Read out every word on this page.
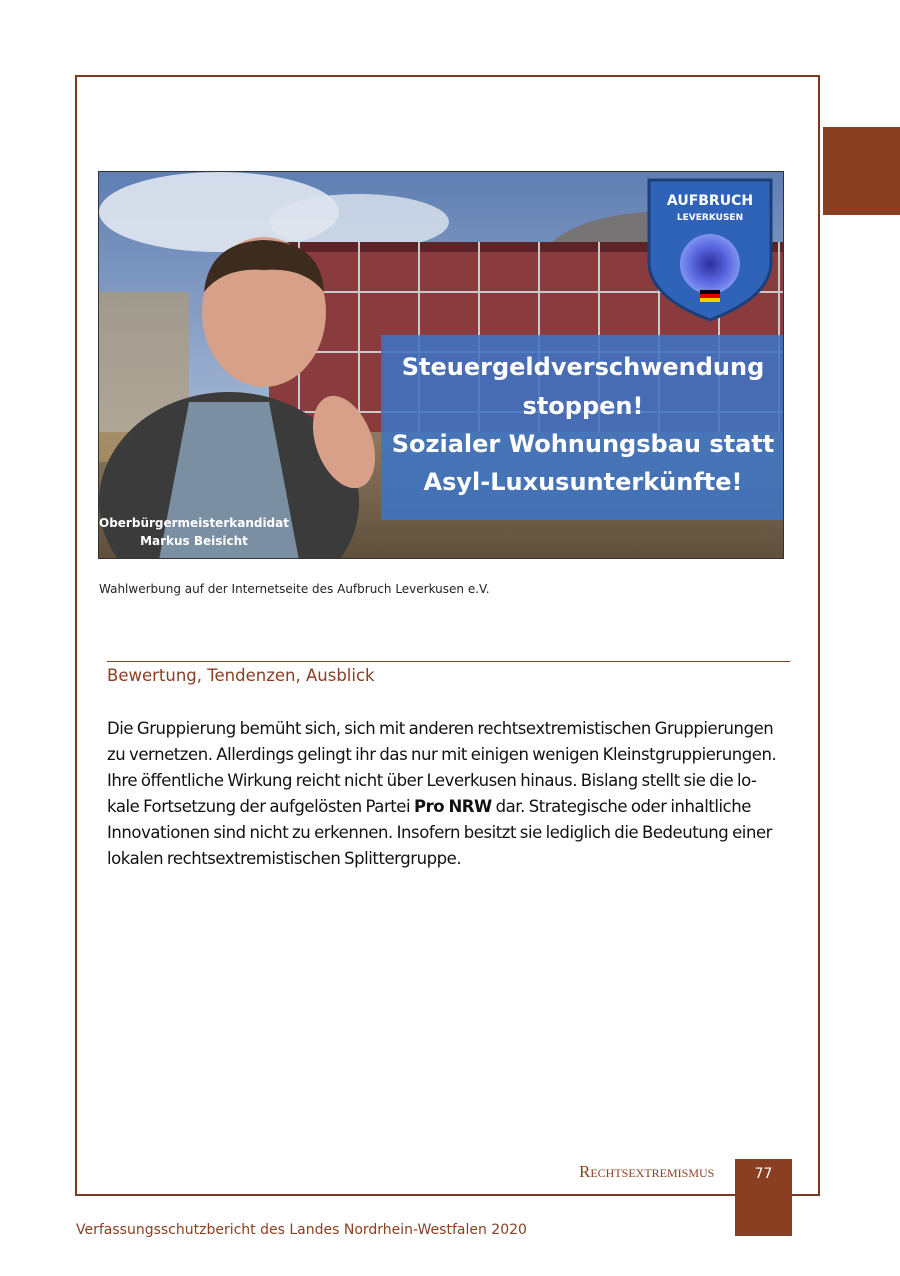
Steuergeldverschwendung
stoppen!
Sozialer Wohnungsbau statt
Asyl-Luxusunterkünfte!
AUFBRUCH
LEVERKUSEN
Oberbürgermeisterkandidat
Markus Beisicht
Wahlwerbung auf der Internetseite des Aufbruch Leverkusen e.V.
Bewertung, Tendenzen, Ausblick
Die Gruppierung bemüht sich, sich mit anderen rechtsextremistischen Gruppierungen
zu vernetzen. Allerdings gelingt ihr das nur mit einigen wenigen Kleinstgruppierungen.
Ihre öffentliche Wirkung reicht nicht über Leverkusen hinaus. Bislang stellt sie die lo-
kale Fortsetzung der aufgelösten Partei Pro NRW dar. Strategische oder inhaltliche
Innovationen sind nicht zu erkennen. Insofern besitzt sie lediglich die Bedeutung einer
lokalen rechtsextremistischen Splittergruppe.
Rechtsextremismus	77
Verfassungsschutzbericht des Landes Nordrhein-Westfalen 2020
